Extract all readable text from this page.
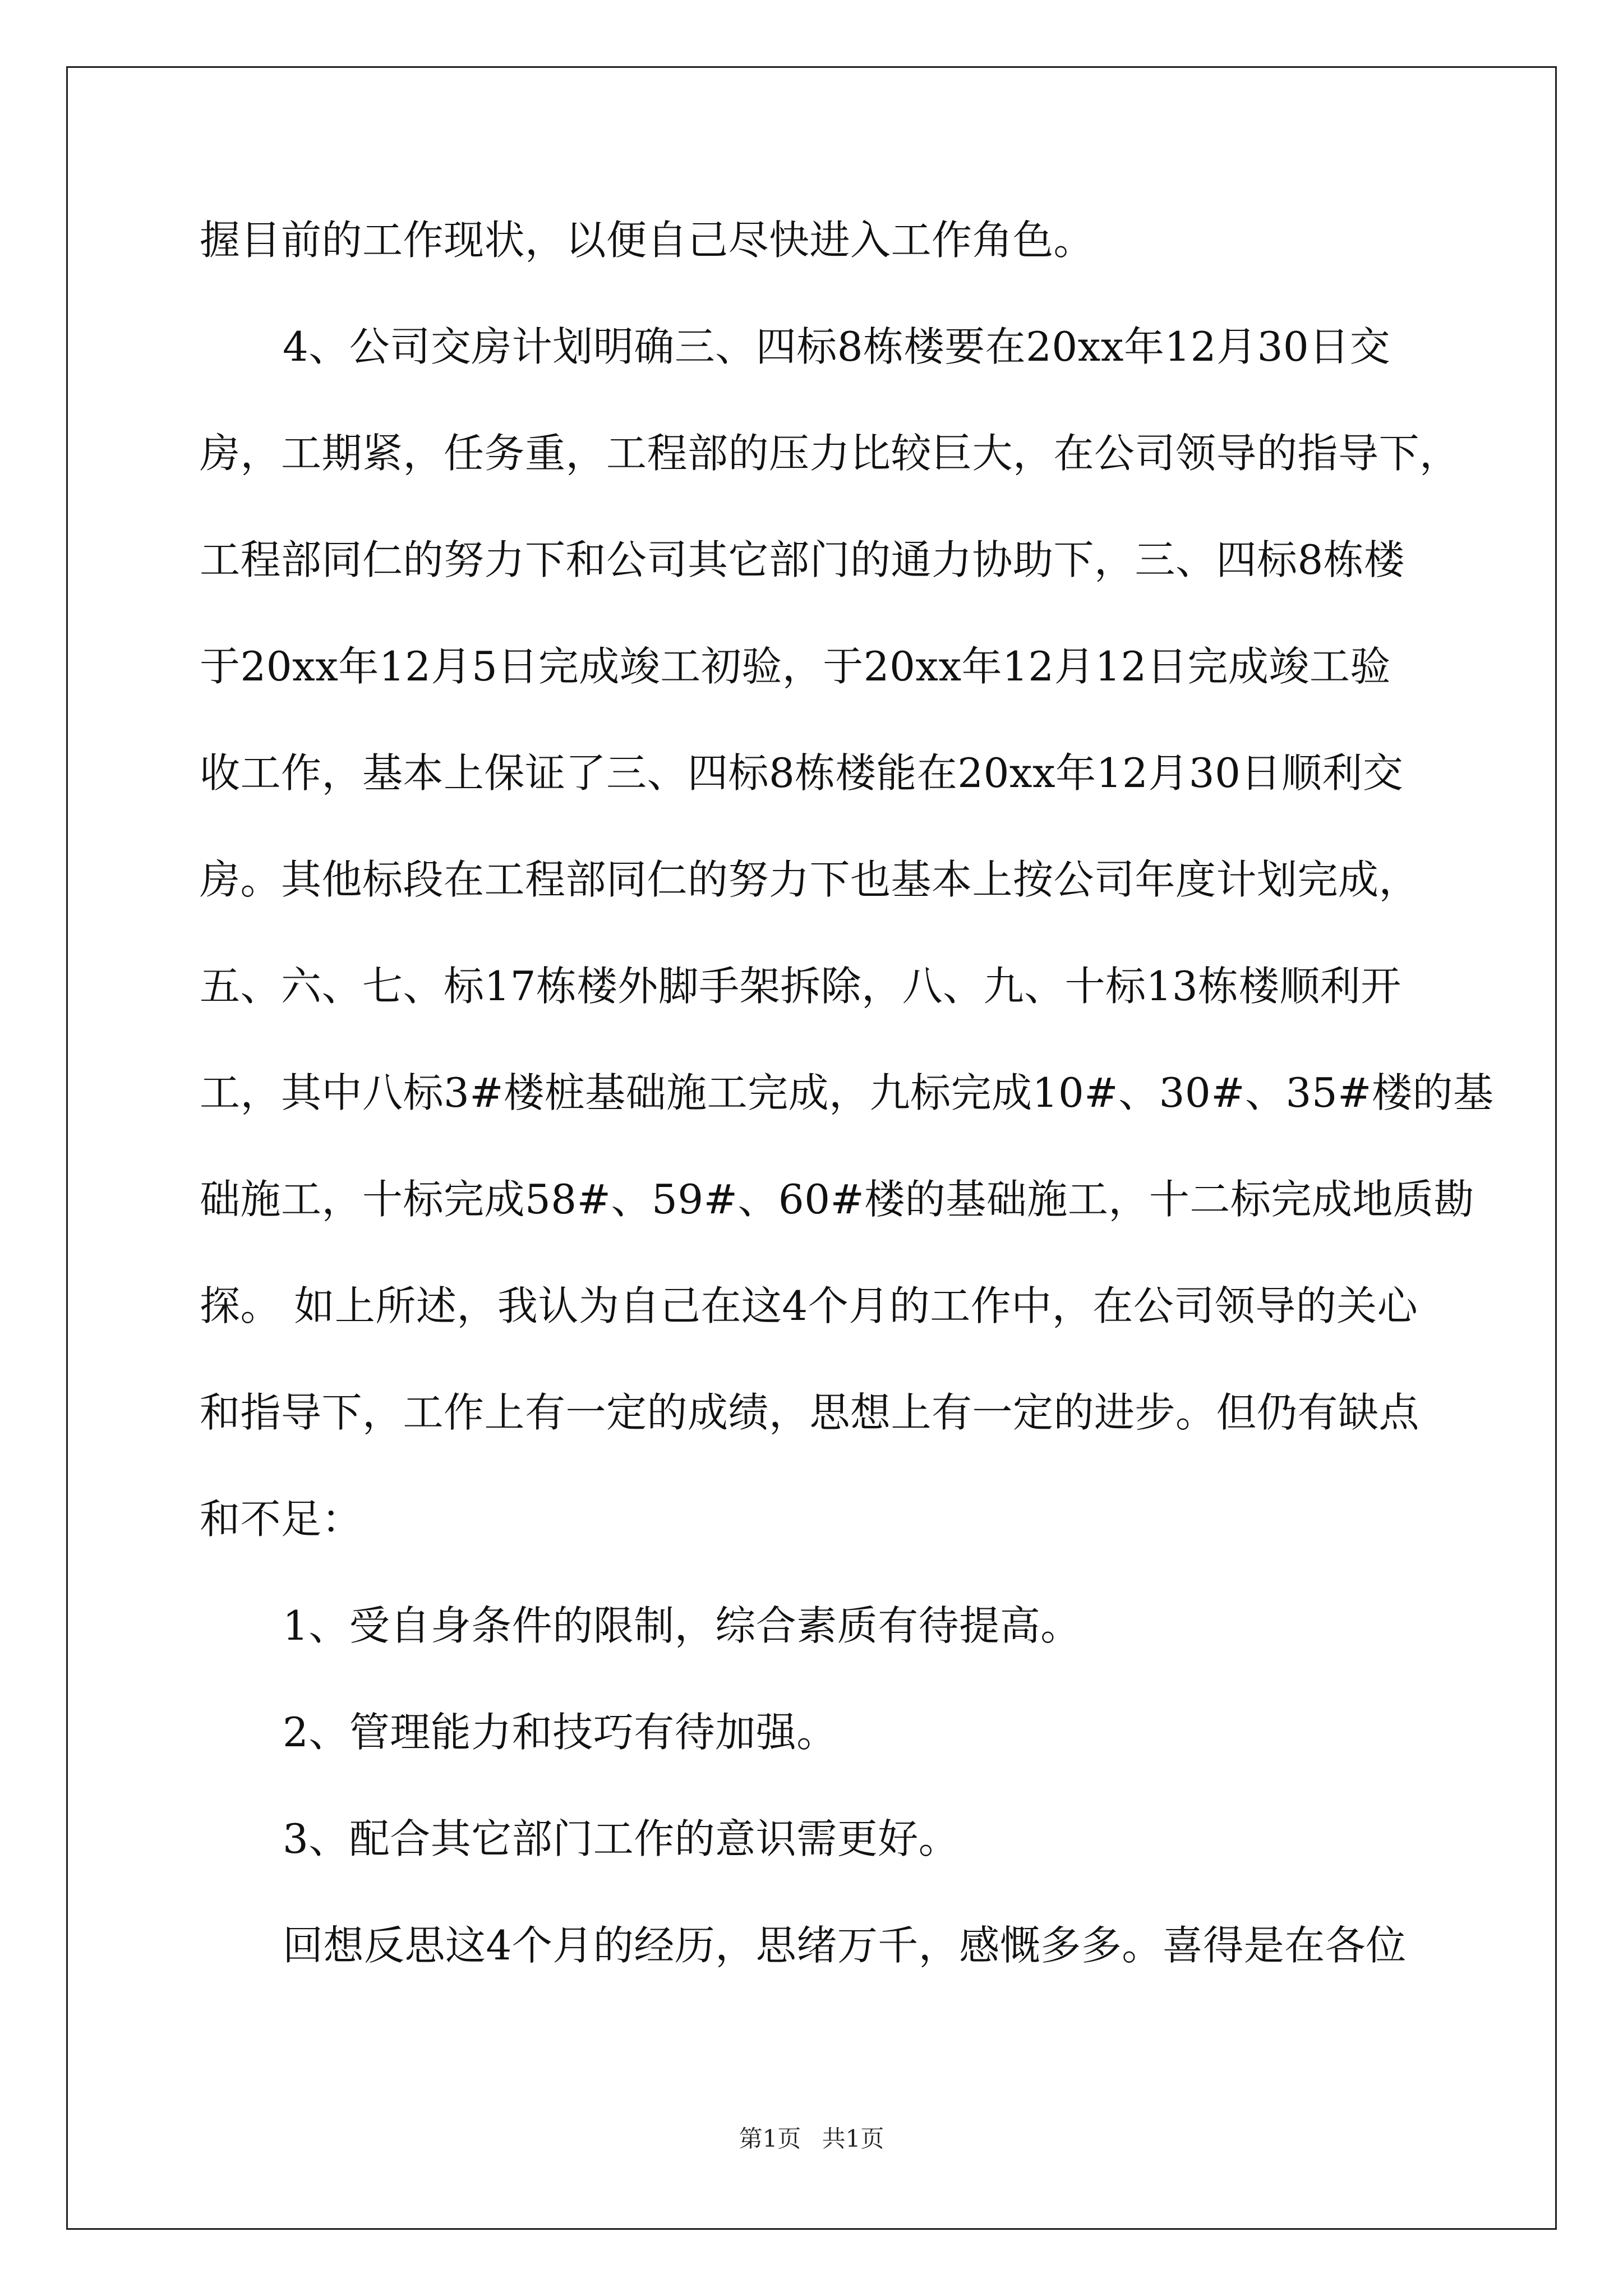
握目前的工作现状，以便自己尽快进入工作角色。
4、公司交房计划明确三、四标8栋楼要在20xx年12月30日交
房，工期紧，任务重，工程部的压力比较巨大，在公司领导的指导下，
工程部同仁的努力下和公司其它部门的通力协助下，三、四标8栋楼
于20xx年12月5日完成竣工初验，于20xx年12月12日完成竣工验
收工作，基本上保证了三、四标8栋楼能在20xx年12月30日顺利交
房。其他标段在工程部同仁的努力下也基本上按公司年度计划完成，
五、六、七、标17栋楼外脚手架拆除，八、九、十标13栋楼顺利开
工，其中八标3#楼桩基础施工完成，九标完成10#、30#、35#楼的基
础施工，十标完成58#、59#、60#楼的基础施工，十二标完成地质勘
探。 如上所述，我认为自己在这4个月的工作中，在公司领导的关心
和指导下，工作上有一定的成绩，思想上有一定的进步。但仍有缺点
和不足：
1、受自身条件的限制，综合素质有待提高。
2、管理能力和技巧有待加强。
3、配合其它部门工作的意识需更好。
回想反思这4个月的经历，思绪万千，感慨多多。喜得是在各位
第1页 共1页
